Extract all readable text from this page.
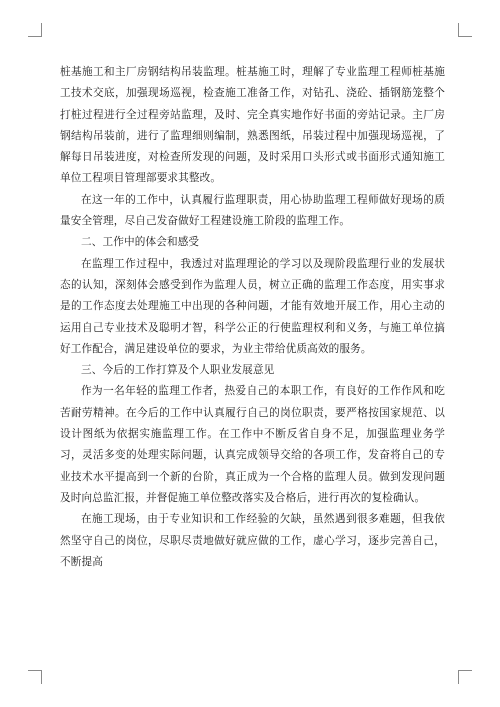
桩基施工和主厂房钢结构吊装监理。桩基施工时，理解了专业监理工程师桩基施工技术交底，加强现场巡视，检查施工准备工作，对钻孔、浇砼、插钢筋笼整个打桩过程进行全过程旁站监理，及时、完全真实地作好书面的旁站记录。主厂房钢结构吊装前，进行了监理细则编制，熟悉图纸，吊装过程中加强现场巡视，了解每日吊装进度，对检查所发现的问题，及时采用口头形式或书面形式通知施工单位工程项目管理部要求其整改。

在这一年的工作中，认真履行监理职责，用心协助监理工程师做好现场的质量安全管理，尽自己发奋做好工程建设施工阶段的监理工作。

二、工作中的体会和感受

在监理工作过程中，我透过对监理理论的学习以及现阶段监理行业的发展状态的认知，深刻体会感受到作为监理人员，树立正确的监理工作态度，用实事求是的工作态度去处理施工中出现的各种问题，才能有效地开展工作，用心主动的运用自己专业技术及聪明才智，科学公正的行使监理权利和义务，与施工单位搞好工作配合，满足建设单位的要求，为业主带给优质高效的服务。

三、今后的工作打算及个人职业发展意见

作为一名年轻的监理工作者，热爱自己的本职工作，有良好的工作作风和吃苦耐劳精神。在今后的工作中认真履行自己的岗位职责，要严格按国家规范、以设计图纸为依据实施监理工作。在工作中不断反省自身不足，加强监理业务学习，灵活多变的处理实际问题，认真完成领导交给的各项工作，发奋将自己的专业技术水平提高到一个新的台阶，真正成为一个合格的监理人员。做到发现问题及时向总监汇报，并督促施工单位整改落实及合格后，进行再次的复检确认。

在施工现场，由于专业知识和工作经验的欠缺，虽然遇到很多难题，但我依然坚守自己的岗位，尽职尽责地做好就应做的工作，虚心学习，逐步完善自己，不断提高
